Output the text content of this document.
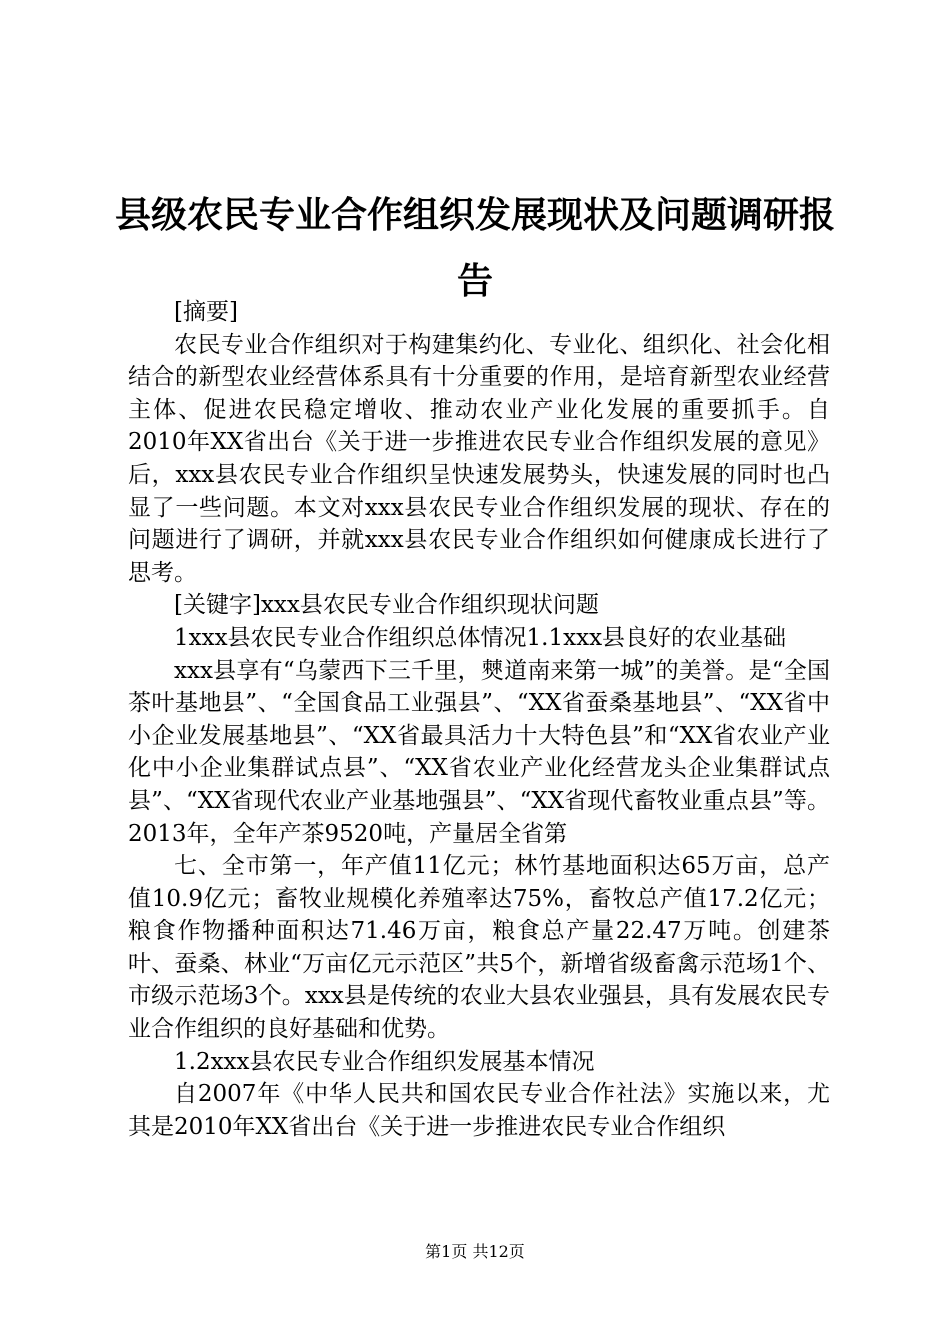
县级农民专业合作组织发展现状及问题调研报告

[摘要]

农民专业合作组织对于构建集约化、专业化、组织化、社会化相结合的新型农业经营体系具有十分重要的作用，是培育新型农业经营主体、促进农民稳定增收、推动农业产业化发展的重要抓手。自2010年XX省出台《关于进一步推进农民专业合作组织发展的意见》后，xxx县农民专业合作组织呈快速发展势头，快速发展的同时也凸显了一些问题。本文对xxx县农民专业合作组织发展的现状、存在的问题进行了调研，并就xxx县农民专业合作组织如何健康成长进行了思考。

[关键字]xxx县农民专业合作组织现状问题

1xxx县农民专业合作组织总体情况1.1xxx县良好的农业基础

xxx县享有“乌蒙西下三千里，僰道南来第一城”的美誉。是“全国茶叶基地县”、“全国食品工业强县”、“XX省蚕桑基地县”、“XX省中小企业发展基地县”、“XX省最具活力十大特色县”和“XX省农业产业化中小企业集群试点县”、“XX省农业产业化经营龙头企业集群试点县”、“XX省现代农业产业基地强县”、“XX省现代畜牧业重点县”等。2013年，全年产茶9520吨，产量居全省第

七、全市第一，年产值11亿元；林竹基地面积达65万亩，总产值10.9亿元；畜牧业规模化养殖率达75%，畜牧总产值17.2亿元；粮食作物播种面积达71.46万亩，粮食总产量22.47万吨。创建茶叶、蚕桑、林业“万亩亿元示范区”共5个，新增省级畜禽示范场1个、市级示范场3个。xxx县是传统的农业大县农业强县，具有发展农民专业合作组织的良好基础和优势。

1.2xxx县农民专业合作组织发展基本情况

自2007年《中华人民共和国农民专业合作社法》实施以来，尤其是2010年XX省出台《关于进一步推进农民专业合作组织

第1页 共12页
